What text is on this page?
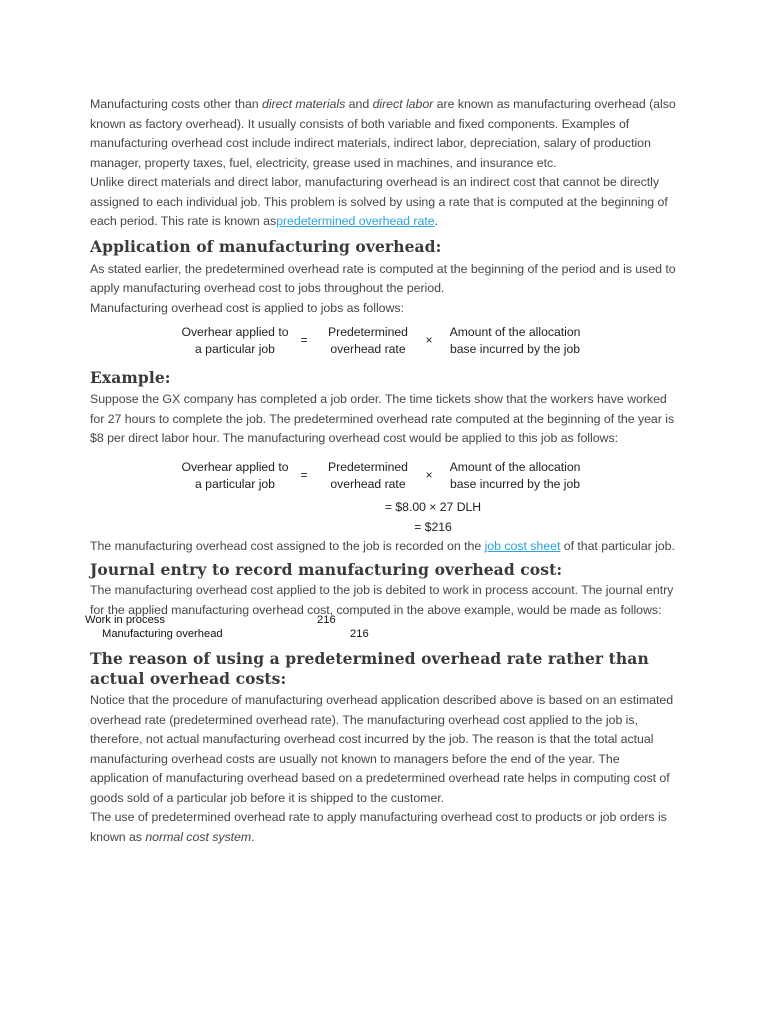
Manufacturing costs other than direct materials and direct labor are known as manufacturing overhead (also known as factory overhead). It usually consists of both variable and fixed components. Examples of manufacturing overhead cost include indirect materials, indirect labor, depreciation, salary of production manager, property taxes, fuel, electricity, grease used in machines, and insurance etc.

Unlike direct materials and direct labor, manufacturing overhead is an indirect cost that cannot be directly assigned to each individual job. This problem is solved by using a rate that is computed at the beginning of each period. This rate is known aspredetermined overhead rate.

Application of manufacturing overhead:

As stated earlier, the predetermined overhead rate is computed at the beginning of the period and is used to apply manufacturing overhead cost to jobs throughout the period.

Manufacturing overhead cost is applied to jobs as follows:

Overhear applied to
a particular job
=
Predetermined
overhead rate
×
Amount of the allocation
base incurred by the job
Example:

Suppose the GX company has completed a job order. The time tickets show that the workers have worked for 27 hours to complete the job. The predetermined overhead rate computed at the beginning of the year is $8 per direct labor hour. The manufacturing overhead cost would be applied to this job as follows:

Overhear applied to
a particular job
=
Predetermined
overhead rate
×
Amount of the allocation
base incurred by the job
= $8.00 × 27 DLH
= $216

The manufacturing overhead cost assigned to the job is recorded on the job cost sheet of that particular job.

Journal entry to record manufacturing overhead cost:

The manufacturing overhead cost applied to the job is debited to work in process account. The journal entry for the applied manufacturing overhead cost, computed in the above example, would be made as follows:

Work in process	216
Manufacturing overhead	216
The reason of using a predetermined overhead rate rather than actual overhead costs:

Notice that the procedure of manufacturing overhead application described above is based on an estimated overhead rate (predetermined overhead rate). The manufacturing overhead cost applied to the job is, therefore, not actual manufacturing overhead cost incurred by the job. The reason is that the total actual manufacturing overhead costs are usually not known to managers before the end of the year. The application of manufacturing overhead based on a predetermined overhead rate helps in computing cost of goods sold of a particular job before it is shipped to the customer.

The use of predetermined overhead rate to apply manufacturing overhead cost to products or job orders is known as normal cost system.
